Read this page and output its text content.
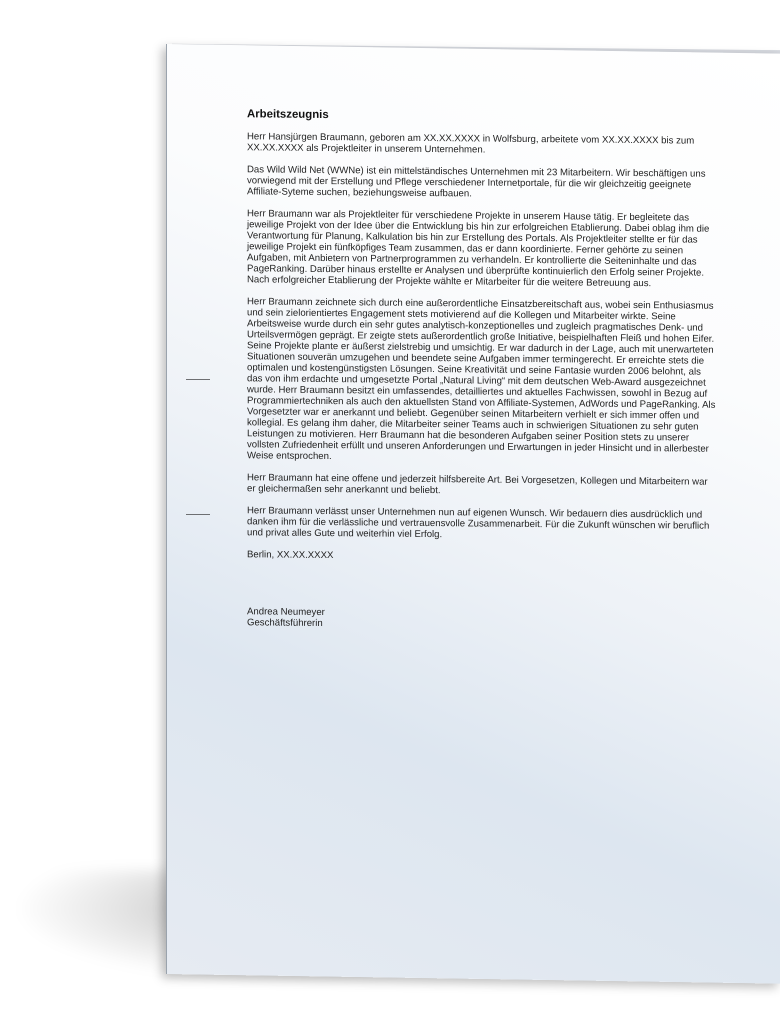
Arbeitszeugnis

Herr Hansjürgen Braumann, geboren am XX.XX.XXXX in Wolfsburg, arbeitete vom XX.XX.XXXX bis zum XX.XX.XXXX als Projektleiter in unserem Unternehmen.

Das Wild Wild Net (WWNe) ist ein mittelständisches Unternehmen mit 23 Mitarbeitern. Wir beschäftigen uns vorwiegend mit der Erstellung und Pflege verschiedener Internetportale, für die wir gleichzeitig geeignete Affiliate-Syteme suchen, beziehungsweise aufbauen.

Herr Braumann war als Projektleiter für verschiedene Projekte in unserem Hause tätig. Er begleitete das jeweilige Projekt von der Idee über die Entwicklung bis hin zur erfolgreichen Etablierung. Dabei oblag ihm die Verantwortung für Planung, Kalkulation bis hin zur Erstellung des Portals. Als Projektleiter stellte er für das jeweilige Projekt ein fünfköpfiges Team zusammen, das er dann koordinierte. Ferner gehörte zu seinen Aufgaben, mit Anbietern von Partnerprogrammen zu verhandeln. Er kontrollierte die Seiteninhalte und das PageRanking. Darüber hinaus erstellte er Analysen und überprüfte kontinuierlich den Erfolg seiner Projekte. Nach erfolgreicher Etablierung der Projekte wählte er Mitarbeiter für die weitere Betreuung aus.

Herr Braumann zeichnete sich durch eine außerordentliche Einsatzbereitschaft aus, wobei sein Enthusiasmus und sein zielorientiertes Engagement stets motivierend auf die Kollegen und Mitarbeiter wirkte. Seine Arbeitsweise wurde durch ein sehr gutes analytisch-konzeptionelles und zugleich pragmatisches Denk- und Urteilsvermögen geprägt. Er zeigte stets außerordentlich große Initiative, beispielhaften Fleiß und hohen Eifer. Seine Projekte plante er äußerst zielstrebig und umsichtig. Er war dadurch in der Lage, auch mit unerwarteten Situationen souverän umzugehen und beendete seine Aufgaben immer termingerecht. Er erreichte stets die optimalen und kostengünstigsten Lösungen. Seine Kreativität und seine Fantasie wurden 2006 belohnt, als das von ihm erdachte und umgesetzte Portal „Natural Living“ mit dem deutschen Web-Award ausgezeichnet wurde. Herr Braumann besitzt ein umfassendes, detailliertes und aktuelles Fachwissen, sowohl in Bezug auf Programmiertechniken als auch den aktuellsten Stand von Affiliate-Systemen, AdWords und PageRanking. Als Vorgesetzter war er anerkannt und beliebt. Gegenüber seinen Mitarbeitern verhielt er sich immer offen und kollegial. Es gelang ihm daher, die Mitarbeiter seiner Teams auch in schwierigen Situationen zu sehr guten Leistungen zu motivieren. Herr Braumann hat die besonderen Aufgaben seiner Position stets zu unserer vollsten Zufriedenheit erfüllt und unseren Anforderungen und Erwartungen in jeder Hinsicht und in allerbester Weise entsprochen.

Herr Braumann hat eine offene und jederzeit hilfsbereite Art. Bei Vorgesetzen, Kollegen und Mitarbeitern war er gleichermaßen sehr anerkannt und beliebt.

Herr Braumann verlässt unser Unternehmen nun auf eigenen Wunsch. Wir bedauern dies ausdrücklich und danken ihm für die verlässliche und vertrauensvolle Zusammenarbeit. Für die Zukunft wünschen wir beruflich und privat alles Gute und weiterhin viel Erfolg.

Berlin, XX.XX.XXXX

Andrea Neumeyer
Geschäftsführerin
